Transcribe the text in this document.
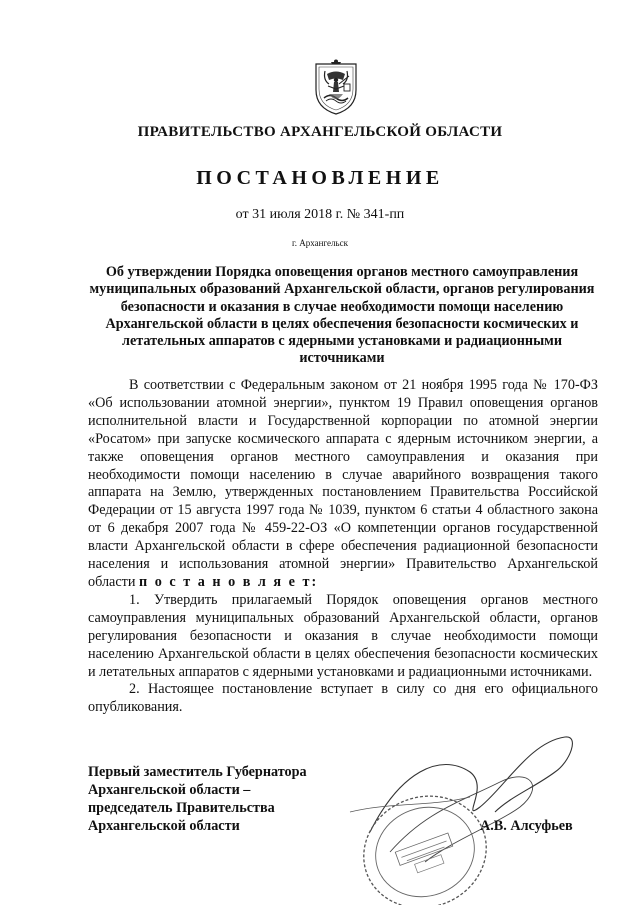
ПРАВИТЕЛЬСТВО АРХАНГЕЛЬСКОЙ ОБЛАСТИ
ПОСТАНОВЛЕНИЕ
от 31 июля 2018 г. № 341-пп
г. Архангельск
Об утверждении Порядка оповещения органов местного самоуправления муниципальных образований Архангельской области, органов регулирования безопасности и оказания в случае необходимости помощи населению Архангельской области в целях обеспечения безопасности космических и летательных аппаратов с ядерными установками и радиационными источниками

В соответствии с Федеральным законом от 21 ноября 1995 года № 170-ФЗ «Об использовании атомной энергии», пунктом 19 Правил оповещения органов исполнительной власти и Государственной корпорации по атомной энергии «Росатом» при запуске космического аппарата с ядерным источником энергии, а также оповещения органов местного самоуправления и оказания при необходимости помощи населению в случае аварийного возвращения такого аппарата на Землю, утвержденных постановлением Правительства Российской Федерации от 15 августа 1997 года № 1039, пунктом 6 статьи 4 областного закона от 6 декабря 2007 года № 459-22-ОЗ «О компетенции органов государственной власти Архангельской области в сфере обеспечения радиационной безопасности населения и использования атомной энергии» Правительство Архангельской области п о с т а н о в л я е т:

1. Утвердить прилагаемый Порядок оповещения органов местного самоуправления муниципальных образований Архангельской области, органов регулирования безопасности и оказания в случае необходимости помощи населению Архангельской области в целях обеспечения безопасности космических и летательных аппаратов с ядерными установками и радиационными источниками.

2. Настоящее постановление вступает в силу со дня его официального опубликования.

Первый заместитель Губернатора
Архангельской области –
председатель Правительства
Архангельской области	А.В. Алсуфьев
